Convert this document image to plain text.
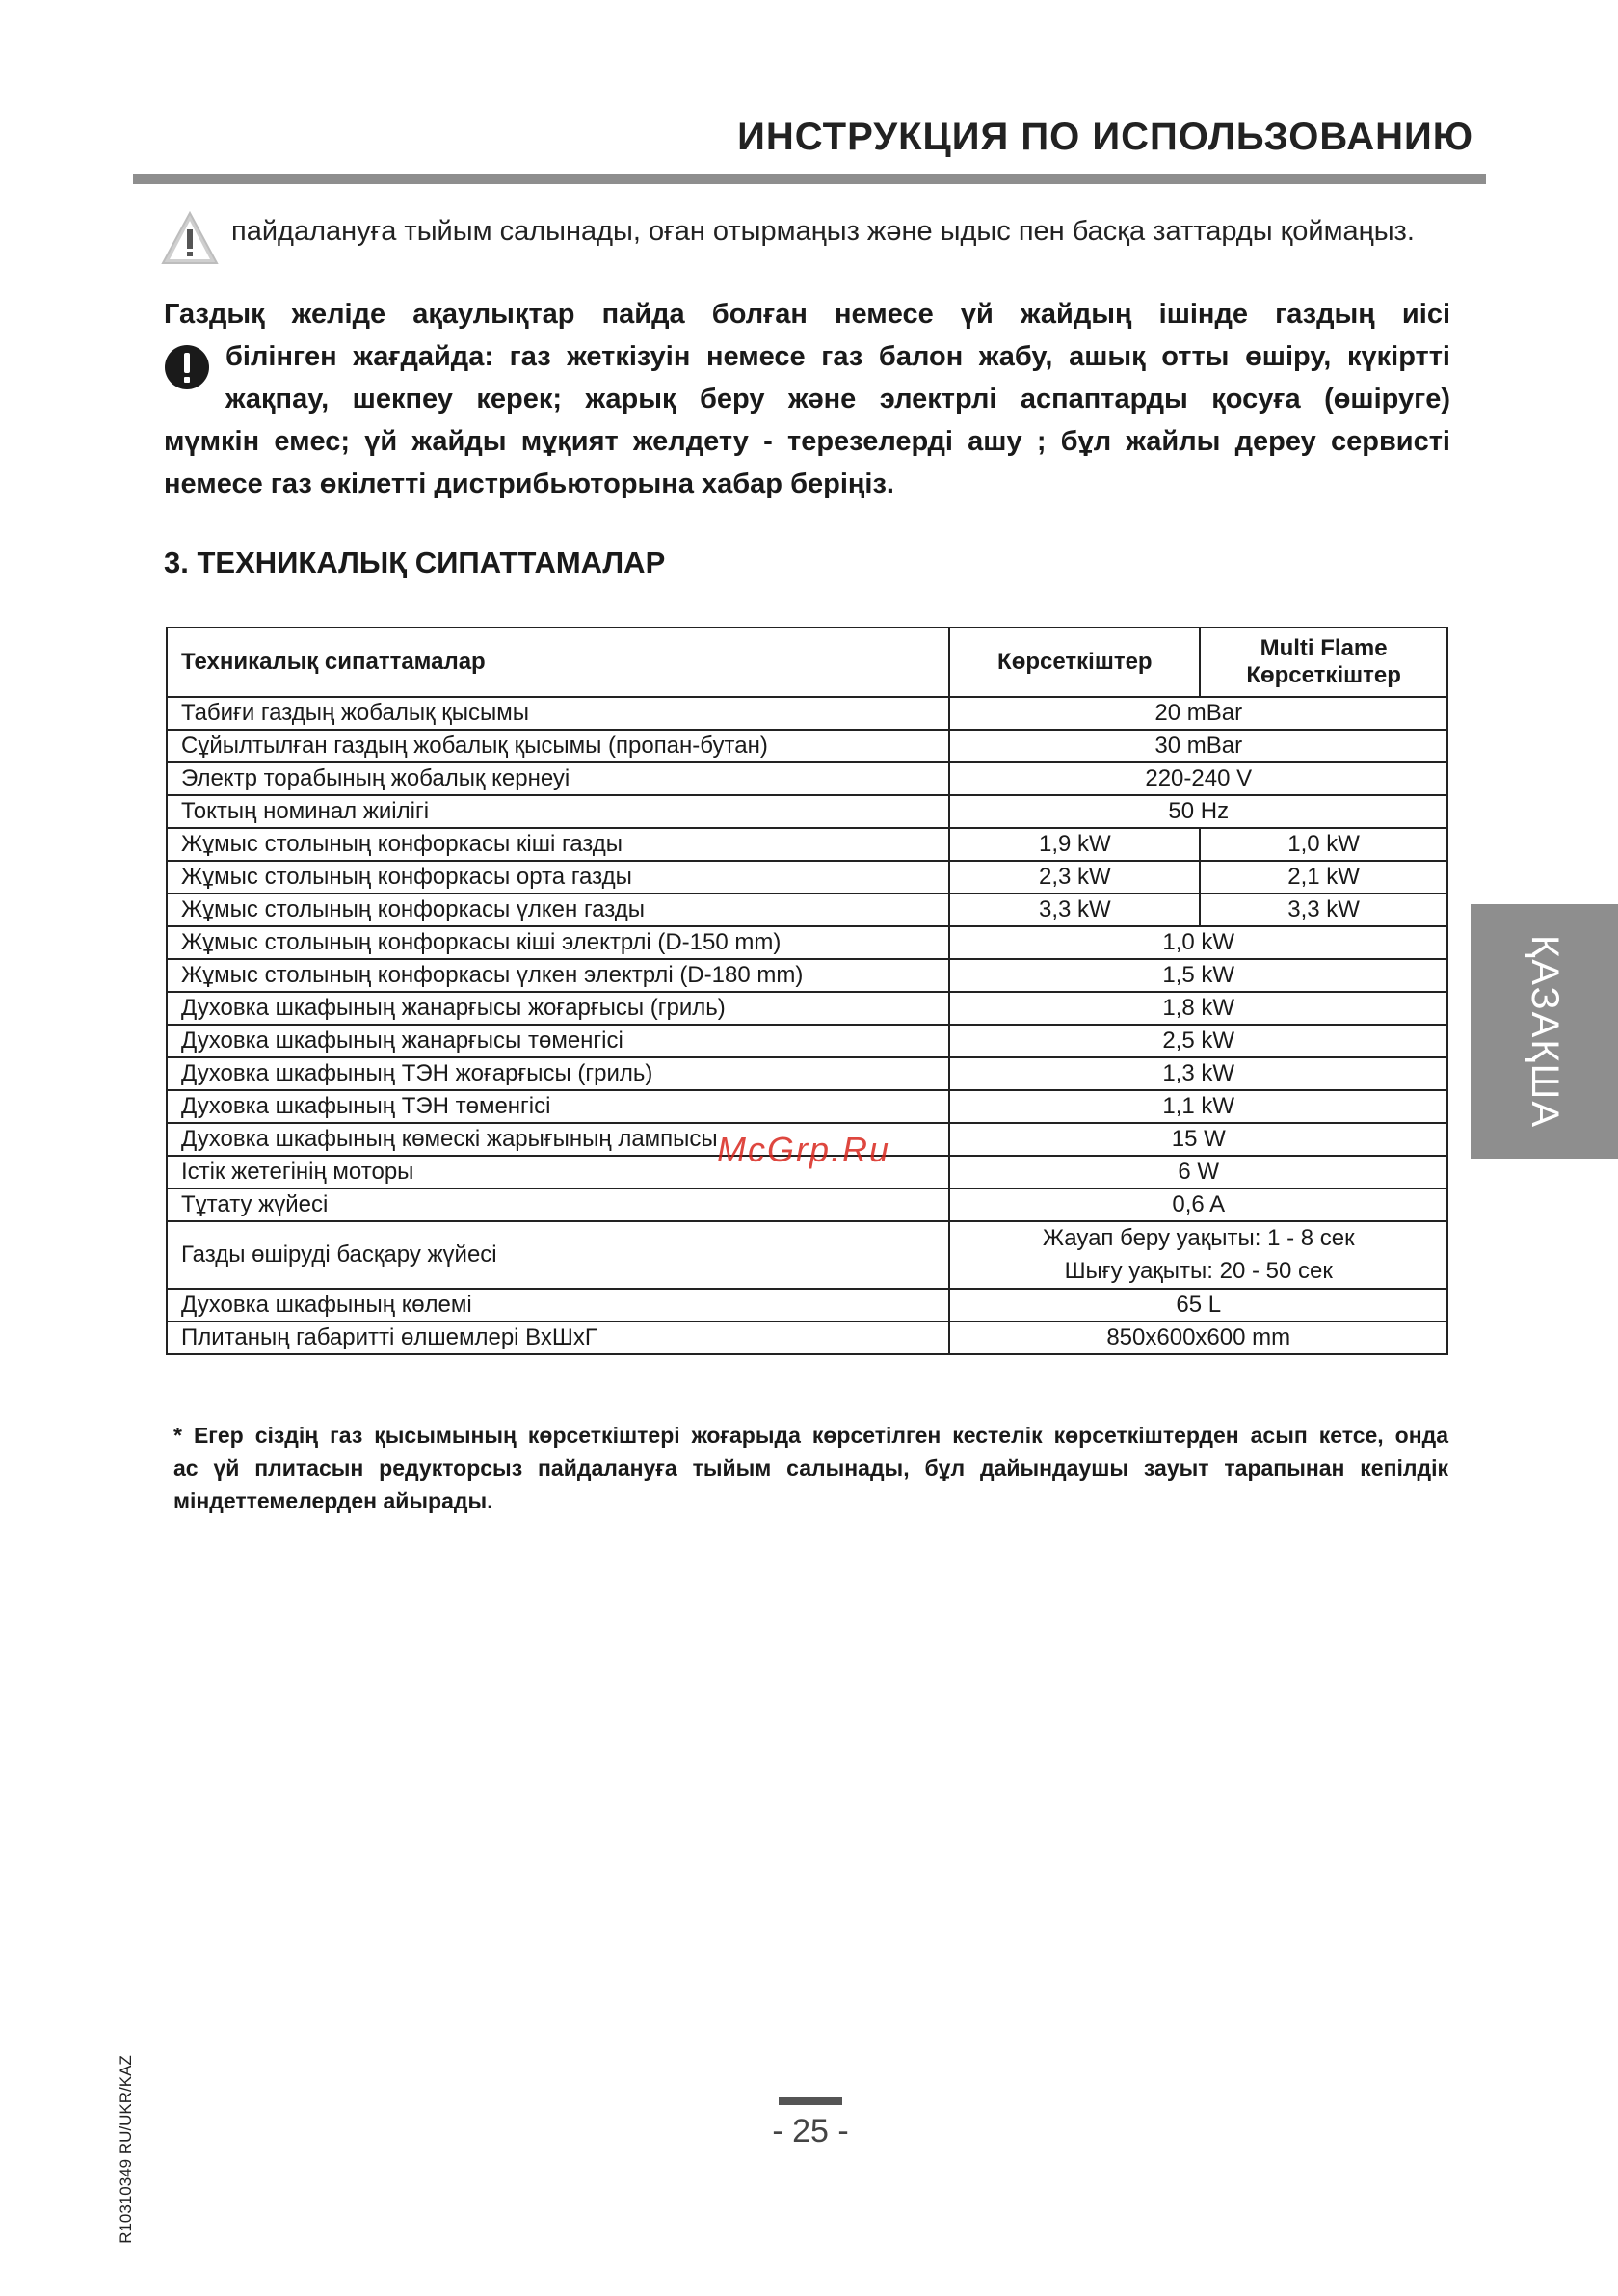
ИНСТРУКЦИЯ ПО ИСПОЛЬЗОВАНИЮ
пайдалануға тыйым салынады, оған отырмаңыз және ыдыс пен басқа заттарды қоймаңыз.
Газдық желіде ақаулықтар пайда болған немесе үй жайдың ішінде газдың иісі
білінген жағдайда: газ жеткізуін немесе газ балон жабу, ашық отты өшіру, күкіртті
жақпау, шекпеу керек; жарық беру және электрлі аспаптарды қосуға (өшіруге)
мүмкін емес; үй жайды мұқият желдету - терезелерді ашу ; бұл жайлы дереу сервисті
немесе газ өкілетті дистрибьюторына хабар беріңіз.
3. ТЕХНИКАЛЫҚ СИПАТТАМАЛАР
Техникалық сипаттамалар	Көрсеткіштер	Multi Flame
Көрсеткіштер

Табиғи газдың жобалық қысымы	20 mBar	
Сұйылтылған газдың жобалық қысымы (пропан-бутан)	30 mBar	
Электр торабының жобалық кернеуі	220-240 V	
Токтың номинал жиілігі	50 Hz	
Жұмыс столының конфоркасы кіші газды	1,9 kW	1,0 kW
Жұмыс столының конфоркасы орта газды	2,3 kW	2,1 kW
Жұмыс столының конфоркасы үлкен газды	3,3 kW	3,3 kW
Жұмыс столының конфоркасы кіші электрлі (D-150 mm)	1,0 kW	
Жұмыс столының конфоркасы үлкен электрлі (D-180 mm)	1,5 kW	
Духовка шкафының жанарғысы жоғарғысы (гриль)	1,8 kW	
Духовка шкафының жанарғысы төменгісі	2,5 kW	
Духовка шкафының ТЭН жоғарғысы (гриль)	1,3 kW	
Духовка шкафының ТЭН төменгісі	1,1 kW	
Духовка шкафының көмескі жарығының лампысы	15 W	
Істік жетегінің моторы	6 W	
Тұтату жүйесі	0,6 A	
Газды өшіруді басқару жүйесі	Жауап беру уақыты: 1 - 8 сек
Шығу уақыты: 20 - 50 сек	

Духовка шкафының көлемі	65 L	
Плитаның габаритті өлшемлері ВхШхГ	850x600x600 mm	
* Егер сіздің газ қысымының көрсеткіштері жоғарыда көрсетілген кестелік көрсеткіштерден асып кетсе, онда
ас үй плитасын редукторсыз пайдалануға тыйым салынады, бұл дайындаушы зауыт тарапынан кепілдік
міндеттемелерден айырады.
ҚАЗАҚША
McGrp.Ru
R10310349 RU/UKR/KAZ	- 25 -
